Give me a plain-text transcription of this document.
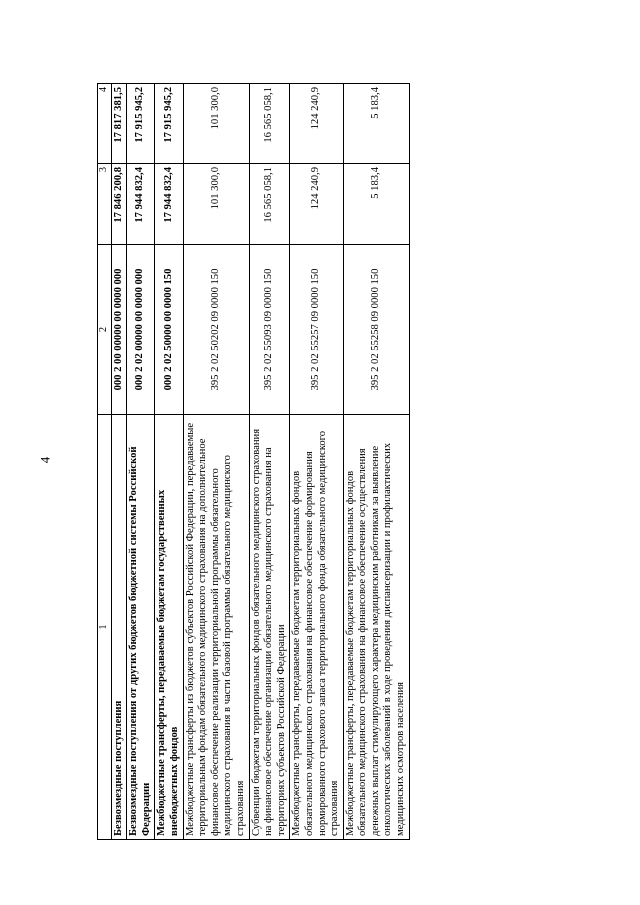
4
1	2	3	4
Безвозмездные поступления	000 2 00 00000 00 0000 000	17 846 200,8	17 817 381,5
Безвозмездные поступления от других бюджетов бюджетной системы Российской Федерации	000 2 02 00000 00 0000 000	17 944 832,4	17 915 945,2
Межбюджетные трансферты, передаваемые бюджетам государственных внебюджетных фондов	000 2 02 50000 00 0000 150	17 944 832,4	17 915 945,2
Межбюджетные трансферты из бюджетов субъектов Российской Федерации, передаваемые территориальным фондам обязательного медицинского страхования на дополнительное финансовое обеспечение реализации территориальной программы обязательного медицинского страхования в части базовой программы обязательного медицинского страхования	395 2 02 50202 09 0000 150	101 300,0	101 300,0
Субвенции бюджетам территориальных фондов обязательного медицинского страхования на финансовое обеспечение организации обязательного медицинского страхования на территориях субъектов Российской Федерации	395 2 02 55093 09 0000 150	16 565 058,1	16 565 058,1
Межбюджетные трансферты, передаваемые бюджетам территориальных фондов обязательного медицинского страхования на финансовое обеспечение формирования нормированного страхового запаса территориального фонда обязательного медицинского страхования	395 2 02 55257 09 0000 150	124 240,9	124 240,9
Межбюджетные трансферты, передаваемые бюджетам территориальных фондов обязательного медицинского страхования на финансовое обеспечение осуществления денежных выплат стимулирующего характера медицинским работникам за выявление онкологических заболеваний в ходе проведения диспансеризации и профилактических медицинских осмотров населения	395 2 02 55258 09 0000 150	5 183,4	5 183,4
